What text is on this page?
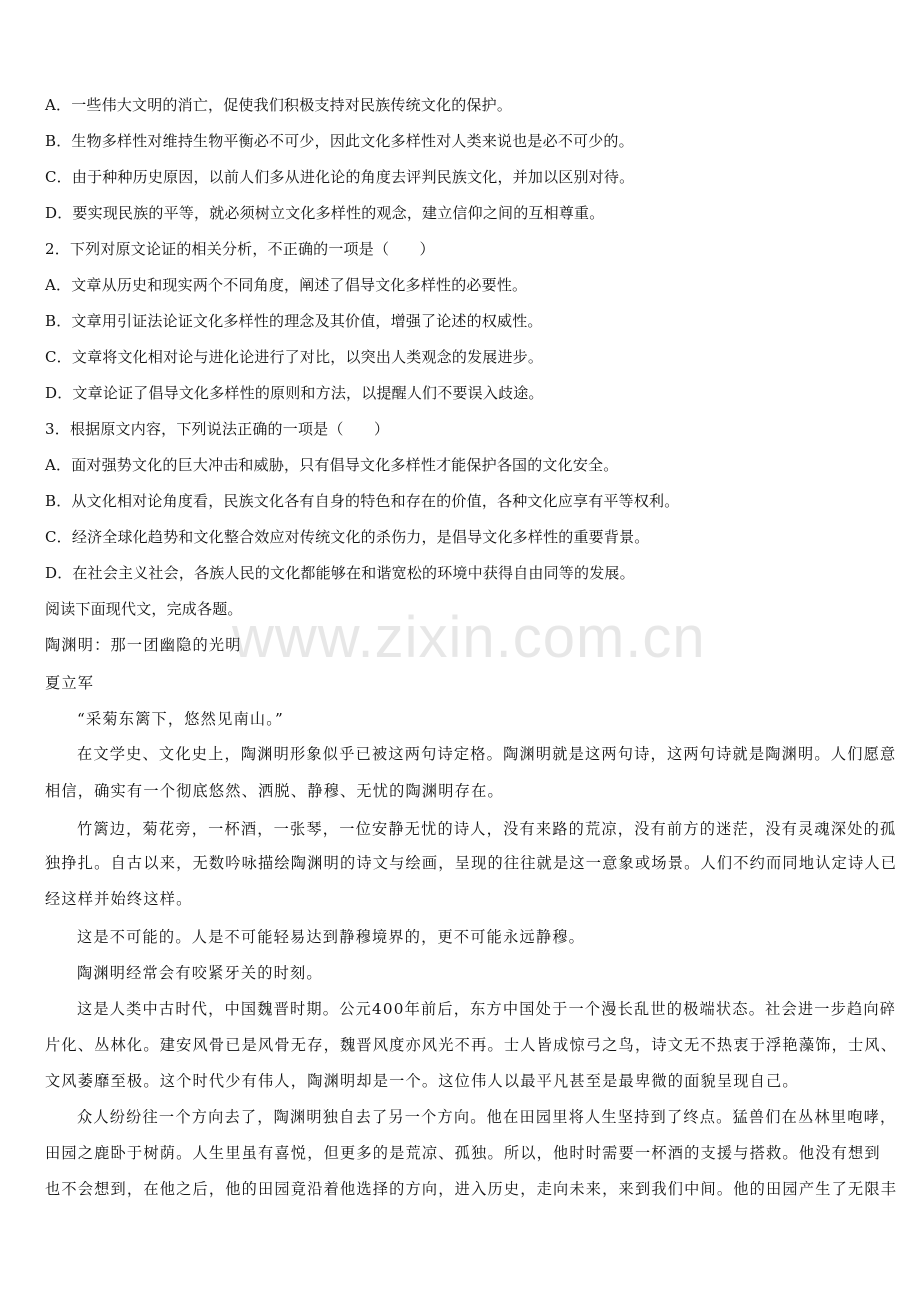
A．一些伟大文明的消亡，促使我们积极支持对民族传统文化的保护。
B．生物多样性对维持生物平衡必不可少，因此文化多样性对人类来说也是必不可少的。
C．由于种种历史原因，以前人们多从进化论的角度去评判民族文化，并加以区别对待。
D．要实现民族的平等，就必须树立文化多样性的观念，建立信仰之间的互相尊重。
2．下列对原文论证的相关分析，不正确的一项是（　　）
A．文章从历史和现实两个不同角度，阐述了倡导文化多样性的必要性。
B．文章用引证法论证文化多样性的理念及其价值，增强了论述的权威性。
C．文章将文化相对论与进化论进行了对比，以突出人类观念的发展进步。
D．文章论证了倡导文化多样性的原则和方法，以提醒人们不要误入歧途。
3．根据原文内容，下列说法正确的一项是（　　）
A．面对强势文化的巨大冲击和威胁，只有倡导文化多样性才能保护各国的文化安全。
B．从文化相对论角度看，民族文化各有自身的特色和存在的价值，各种文化应享有平等权利。
C．经济全球化趋势和文化整合效应对传统文化的杀伤力，是倡导文化多样性的重要背景。
D．在社会主义社会，各族人民的文化都能够在和谐宽松的环境中获得自由同等的发展。
阅读下面现代文，完成各题。
陶渊明：那一团幽隐的光明
夏立军
“采菊东篱下，悠然见南山。”
在文学史、文化史上，陶渊明形象似乎已被这两句诗定格。陶渊明就是这两句诗，这两句诗就是陶渊明。人们愿意
相信，确实有一个彻底悠然、洒脱、静穆、无忧的陶渊明存在。
竹篱边，菊花旁，一杯酒，一张琴，一位安静无忧的诗人，没有来路的荒凉，没有前方的迷茫，没有灵魂深处的孤
独挣扎。自古以来，无数吟咏描绘陶渊明的诗文与绘画，呈现的往往就是这一意象或场景。人们不约而同地认定诗人已
经这样并始终这样。
这是不可能的。人是不可能轻易达到静穆境界的，更不可能永远静穆。
陶渊明经常会有咬紧牙关的时刻。
这是人类中古时代，中国魏晋时期。公元400年前后，东方中国处于一个漫长乱世的极端状态。社会进一步趋向碎
片化、丛林化。建安风骨已是风骨无存，魏晋风度亦风光不再。士人皆成惊弓之鸟，诗文无不热衷于浮艳藻饰，士风、
文风萎靡至极。这个时代少有伟人，陶渊明却是一个。这位伟人以最平凡甚至是最卑微的面貌呈现自己。
众人纷纷往一个方向去了，陶渊明独自去了另一个方向。他在田园里将人生坚持到了终点。猛兽们在丛林里咆哮，
田园之鹿卧于树荫。人生里虽有喜悦，但更多的是荒凉、孤独。所以，他时时需要一杯酒的支援与搭救。他没有想到
也不会想到，在他之后，他的田园竟沿着他选择的方向，进入历史，走向未来，来到我们中间。他的田园产生了无限丰
www.zixin.com.cn
